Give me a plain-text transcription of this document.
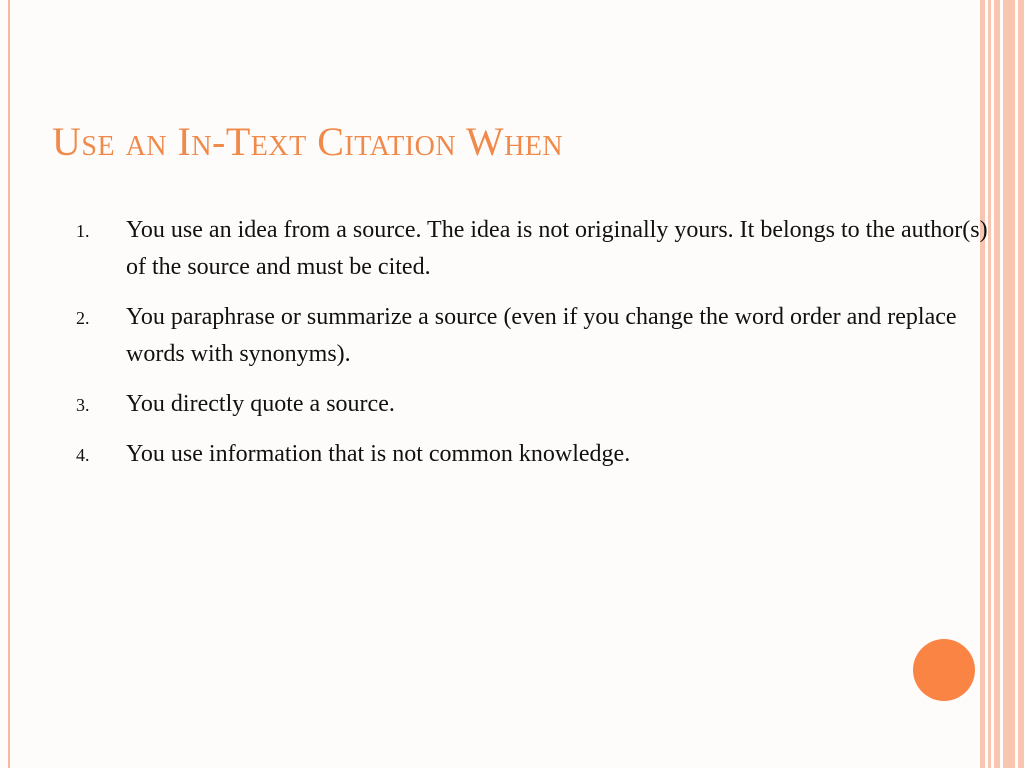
Use an In-Text Citation When
1. You use an idea from a source. The idea is not originally yours. It belongs to the author(s) of the source and must be cited.
2. You paraphrase or summarize a source (even if you change the word order and replace words with synonyms).
3. You directly quote a source.
4. You use information that is not common knowledge.
